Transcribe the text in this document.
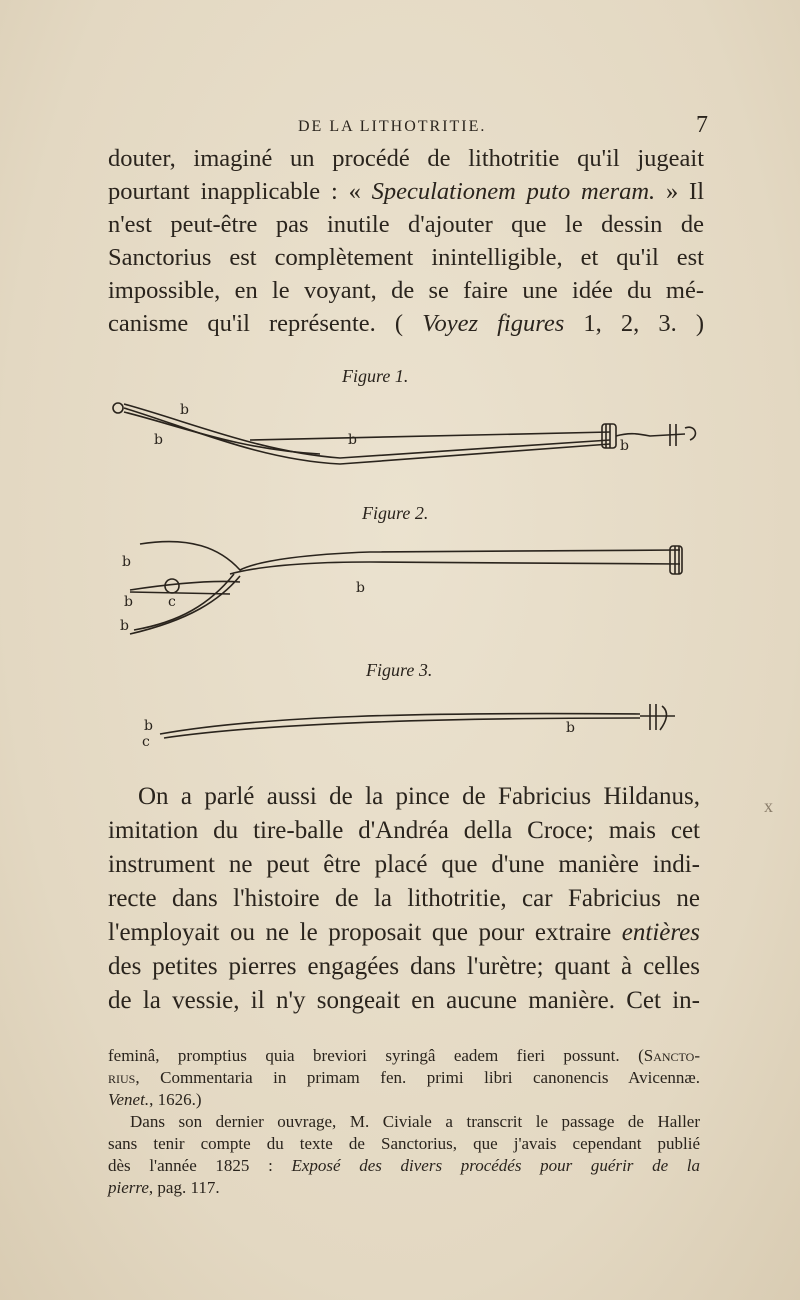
DE LA LITHOTRITIE.	7
douter, imaginé un procédé de lithotritie qu'il jugeait
pourtant inapplicable : « Speculationem puto meram. » Il
n'est peut-être pas inutile d'ajouter que le dessin de
Sanctorius est complètement inintelligible, et qu'il est
impossible, en le voyant, de se faire une idée du mé-
canisme qu'il représente. ( Voyez figures 1, 2, 3. )
Figure 1.
b
b	b	b
Figure 2.
b
b	c
b
b
Figure 3.
b
c
b
On a parlé aussi de la pince de Fabricius Hildanus,
imitation du tire-balle d'Andréa della Croce; mais cet
instrument ne peut être placé que d'une manière indi-
recte dans l'histoire de la lithotritie, car Fabricius ne
l'employait ou ne le proposait que pour extraire entières
des petites pierres engagées dans l'urètre; quant à celles
de la vessie, il n'y songeait en aucune manière. Cet in-
x
feminâ, promptius quia breviori syringâ eadem fieri possunt. (Sancto-
rius, Commentaria in primam fen. primi libri canonencis Avicennæ.
Venet., 1626.)
Dans son dernier ouvrage, M. Civiale a transcrit le passage de Haller
sans tenir compte du texte de Sanctorius, que j'avais cependant publié
dès l'année 1825 : Exposé des divers procédés pour guérir de la
pierre, pag. 117.
